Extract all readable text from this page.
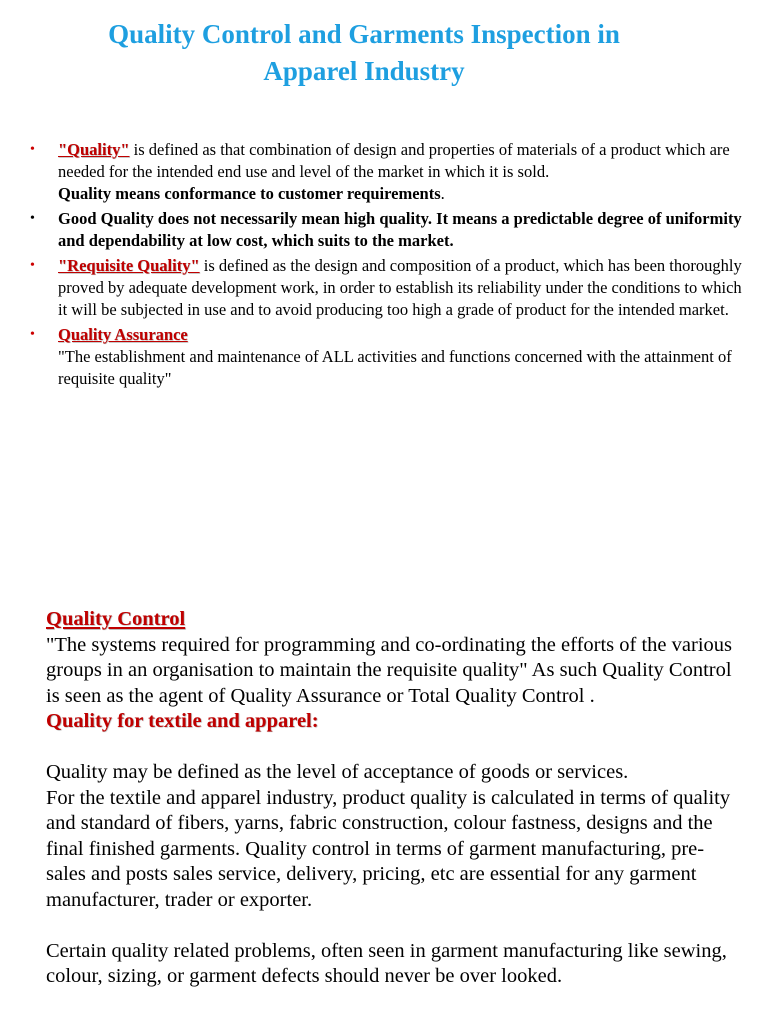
Quality Control and Garments Inspection in
Apparel Industry
• "Quality" is defined as that combination of design and properties of materials of a product which are needed for the intended end use and level of the market in which it is sold.
Quality means conformance to customer requirements.
• Good Quality does not necessarily mean high quality. It means a predictable degree of uniformity and dependability at low cost, which suits to the market.
• "Requisite Quality" is defined as the design and composition of a product, which has been thoroughly proved by adequate development work, in order to establish its reliability under the conditions to which it will be subjected in use and to avoid producing too high a grade of product for the intended market.
• Quality Assurance
"The establishment and maintenance of ALL activities and functions concerned with the attainment of requisite quality"

Quality Control

"The systems required for programming and co-ordinating the efforts of the various groups in an organisation to maintain the requisite quality" As such Quality Control is seen as the agent of Quality Assurance or Total Quality Control .

Quality for textile and apparel:

Quality may be defined as the level of acceptance of goods or services.

For the textile and apparel industry, product quality is calculated in terms of quality and standard of fibers, yarns, fabric construction, colour fastness, designs and the final finished garments. Quality control in terms of garment manufacturing, pre-sales and posts sales service, delivery, pricing, etc are essential for any garment manufacturer, trader or exporter.

Certain quality related problems, often seen in garment manufacturing like sewing, colour, sizing, or garment defects should never be over looked.
